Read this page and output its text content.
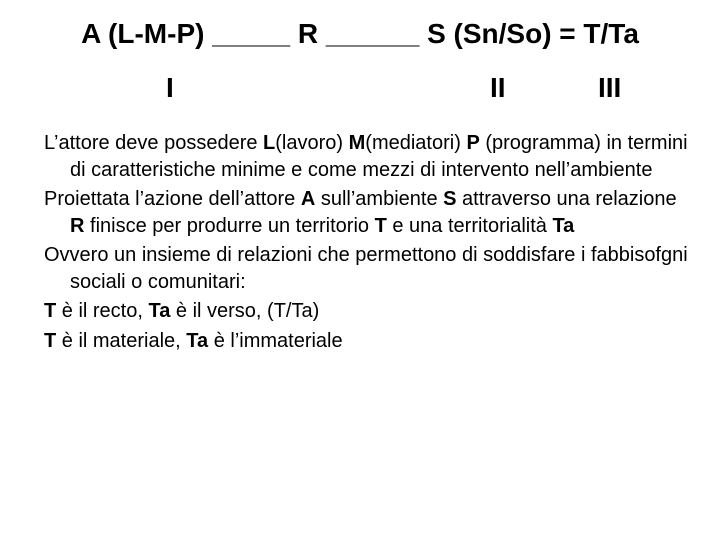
A (L-M-P) _____ R ______ S (Sn/So) = T/Ta
I	II	III

L’attore deve possedere L(lavoro) M(mediatori) P (programma) in termini di caratteristiche minime e come mezzi di intervento nell’ambiente

Proiettata l’azione dell’attore A sull’ambiente S attraverso una relazione R finisce per produrre un territorio T e una territorialità Ta

Ovvero un insieme di relazioni che permettono di soddisfare i fabbisofgni sociali o comunitari:

T è il recto, Ta è il verso, (T/Ta)

T è il materiale, Ta è l’immateriale
